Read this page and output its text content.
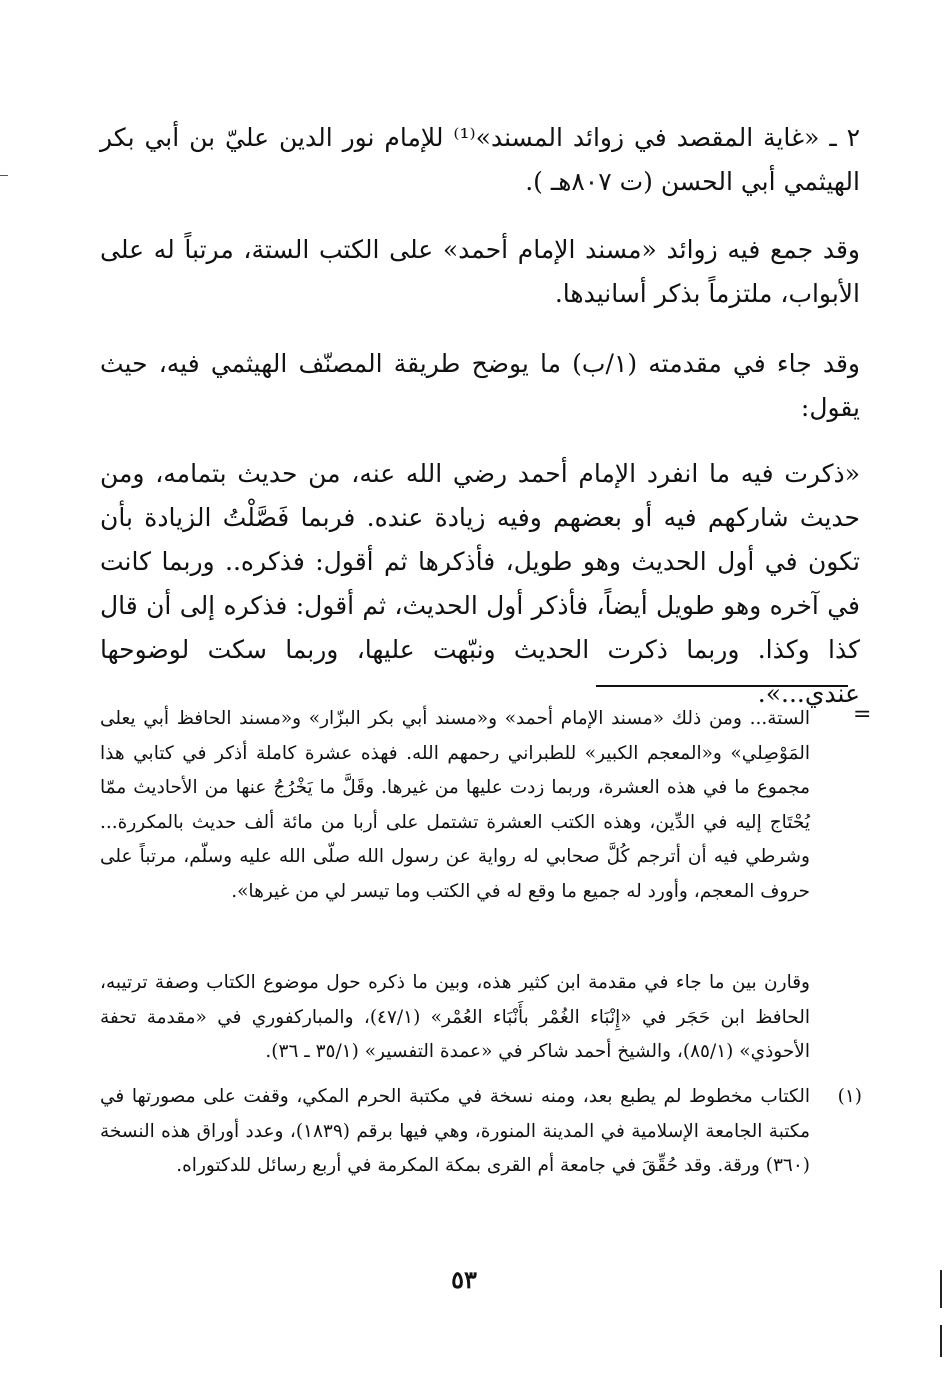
٢ ـ «غاية المقصد في زوائد المسند»⁽¹⁾ للإمام نور الدين عليّ بن أبي بكر الهيثمي أبي الحسن (ت ٨٠٧هـ ).

وقد جمع فيه زوائد «مسند الإمام أحمد» على الكتب الستة، مرتباً له على الأبواب، ملتزماً بذكر أسانيدها.

وقد جاء في مقدمته (١/ب) ما يوضح طريقة المصنّف الهيثمي فيه، حيث يقول:

«ذكرت فيه ما انفرد الإمام أحمد رضي الله عنه، من حديث بتمامه، ومن حديث شاركهم فيه أو بعضهم وفيه زيادة عنده. فربما فَصَّلْتُ الزيادة بأن تكون في أول الحديث وهو طويل، فأذكرها ثم أقول: فذكره.. وربما كانت في آخره وهو طويل أيضاً، فأذكر أول الحديث، ثم أقول: فذكره إلى أن قال كذا وكذا. وربما ذكرت الحديث ونبّهت عليها، وربما سكت لوضوحها عندي...».

=

الستة... ومن ذلك «مسند الإمام أحمد» و«مسند أبي بكر البزّار» و«مسند الحافظ أبي يعلى المَوْصِلي» و«المعجم الكبير» للطبراني رحمهم الله. فهذه عشرة كاملة أذكر في كتابي هذا مجموع ما في هذه العشرة، وربما زدت عليها من غيرها. وقَلَّ ما يَخْرُجُ عنها من الأحاديث ممّا يُحْتَاج إليه في الدِّين، وهذه الكتب العشرة تشتمل على أربا من مائة ألف حديث بالمكررة... وشرطي فيه أن أترجم كُلَّ صحابي له رواية عن رسول الله صلّى الله عليه وسلّم، مرتباً على حروف المعجم، وأورد له جميع ما وقع له في الكتب وما تيسر لي من غيرها».

وقارن بين ما جاء في مقدمة ابن كثير هذه، وبين ما ذكره حول موضوع الكتاب وصفة ترتيبه، الحافظ ابن حَجَر في «إِنْبَاء الغُمْر بأَنْبَاء العُمْر» (٤٧/١)، والمباركفوري في «مقدمة تحفة الأحوذي» (٨٥/١)، والشيخ أحمد شاكر في «عمدة التفسير» (٣٥/١ ـ ٣٦).

(١)

الكتاب مخطوط لم يطبع بعد، ومنه نسخة في مكتبة الحرم المكي، وقفت على مصورتها في مكتبة الجامعة الإسلامية في المدينة المنورة، وهي فيها برقم (١٨٣٩)، وعدد أوراق هذه النسخة (٣٦٠) ورقة. وقد حُقِّقَ في جامعة أم القرى بمكة المكرمة في أربع رسائل للدكتوراه.

٥٣
